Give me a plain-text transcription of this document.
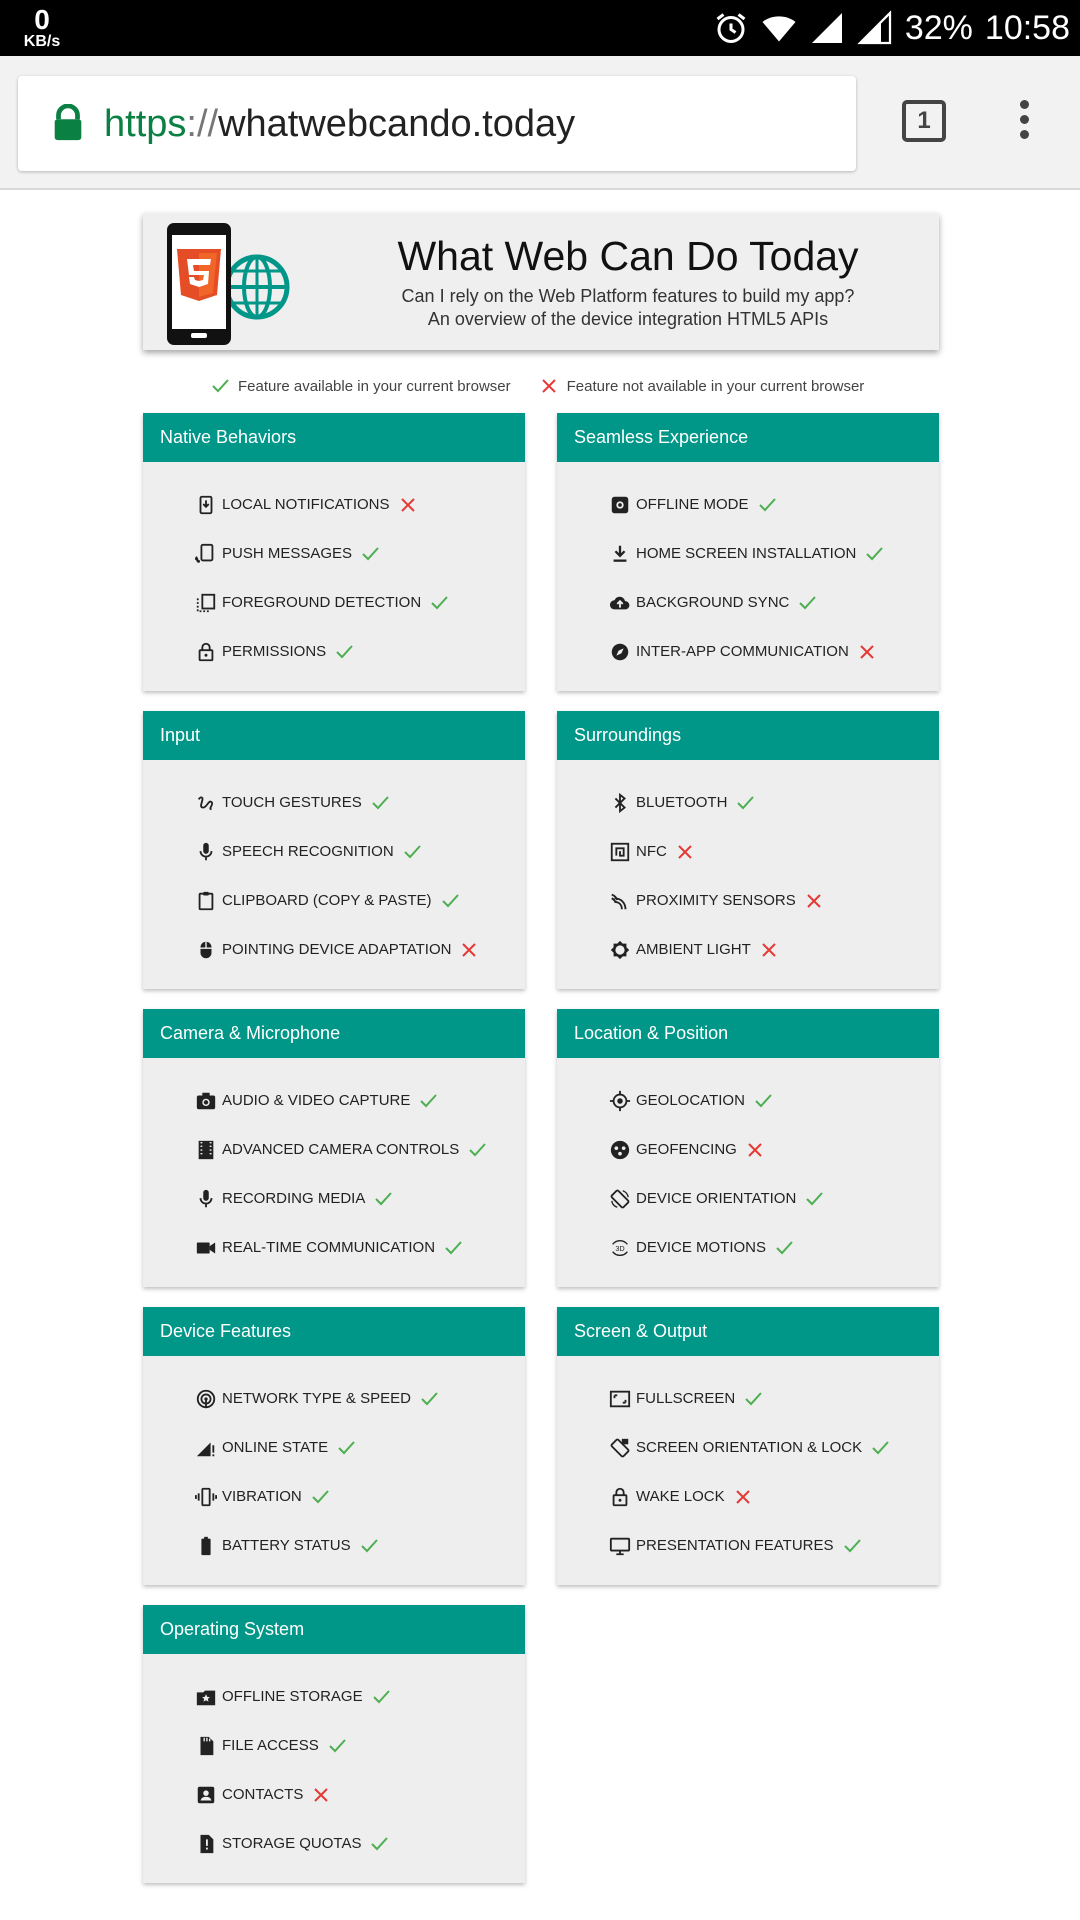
0
KB/s	32% 10:58
https://whatwebcando.today	1
What Web Can Do Today
Can I rely on the Web Platform features to build my app?
An overview of the device integration HTML5 APIs
Feature available in your current browser	Feature not available in your current browser
Native Behaviors
LOCAL NOTIFICATIONS
PUSH MESSAGES
FOREGROUND DETECTION
PERMISSIONS
Seamless Experience
OFFLINE MODE
HOME SCREEN INSTALLATION
BACKGROUND SYNC
INTER-APP COMMUNICATION
Input
TOUCH GESTURES
SPEECH RECOGNITION
CLIPBOARD (COPY & PASTE)
POINTING DEVICE ADAPTATION
Surroundings
BLUETOOTH
NFC
PROXIMITY SENSORS
AMBIENT LIGHT
Camera & Microphone
AUDIO & VIDEO CAPTURE
ADVANCED CAMERA CONTROLS
RECORDING MEDIA
REAL-TIME COMMUNICATION
Location & Position
GEOLOCATION
GEOFENCING
DEVICE ORIENTATION
3D DEVICE MOTIONS
Device Features
NETWORK TYPE & SPEED
ONLINE STATE
VIBRATION
BATTERY STATUS
Screen & Output
FULLSCREEN
SCREEN ORIENTATION & LOCK
WAKE LOCK
PRESENTATION FEATURES
Operating System
OFFLINE STORAGE
FILE ACCESS
CONTACTS
STORAGE QUOTAS
